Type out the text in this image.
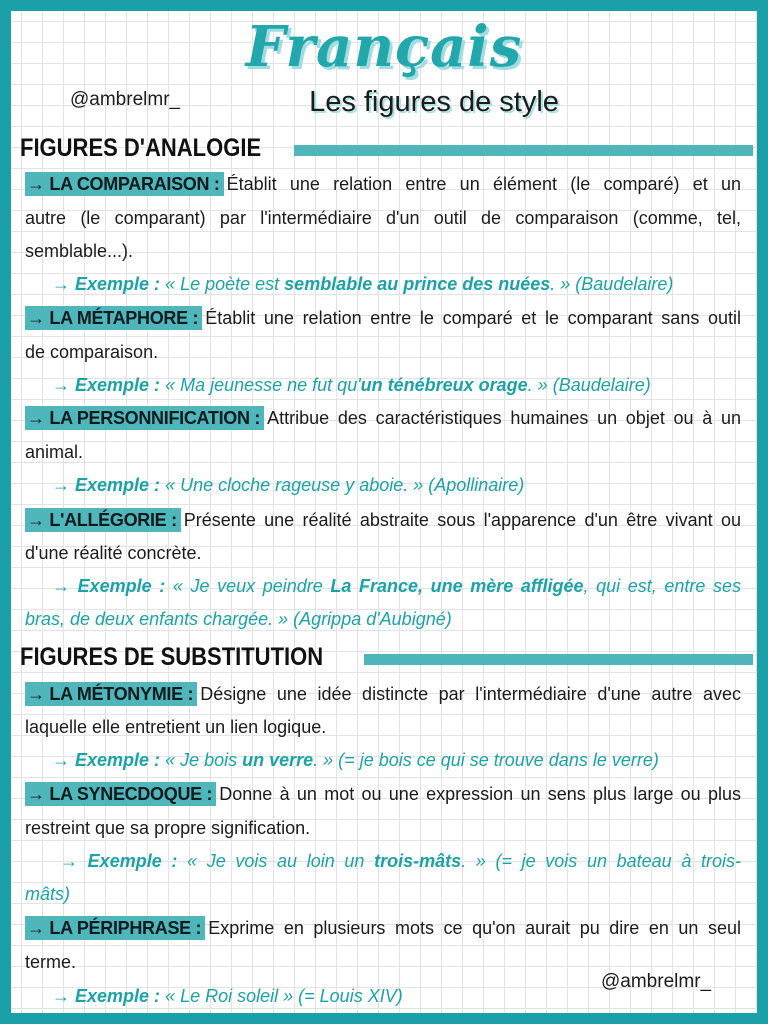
Français
Les figures de style
@ambrelmr_
FIGURES D'ANALOGIE
→ LA COMPARAISON : Établit une relation entre un élément (le comparé) et un
autre (le comparant) par l'intermédiaire d'un outil de comparaison (comme, tel,
semblable...).
→ Exemple : « Le poète est semblable au prince des nuées. » (Baudelaire)
→ LA MÉTAPHORE : Établit une relation entre le comparé et le comparant sans outil
de comparaison.
→ Exemple : « Ma jeunesse ne fut qu'un ténébreux orage. » (Baudelaire)
→ LA PERSONNIFICATION : Attribue des caractéristiques humaines un objet ou à un
animal.
→ Exemple : « Une cloche rageuse y aboie. » (Apollinaire)
→ L'ALLÉGORIE : Présente une réalité abstraite sous l'apparence d'un être vivant ou
d'une réalité concrète.
→ Exemple : « Je veux peindre La France, une mère affligée, qui est, entre ses
bras, de deux enfants chargée. » (Agrippa d'Aubigné)
FIGURES DE SUBSTITUTION
→ LA MÉTONYMIE : Désigne une idée distincte par l'intermédiaire d'une autre avec
laquelle elle entretient un lien logique.
→ Exemple : « Je bois un verre. » (= je bois ce qui se trouve dans le verre)
→ LA SYNECDOQUE : Donne à un mot ou une expression un sens plus large ou plus
restreint que sa propre signification.
→ Exemple : « Je vois au loin un trois-mâts. » (= je vois un bateau à trois-
mâts)
→ LA PÉRIPHRASE : Exprime en plusieurs mots ce qu'on aurait pu dire en un seul
terme.
→ Exemple : « Le Roi soleil » (= Louis XIV)
@ambrelmr_
